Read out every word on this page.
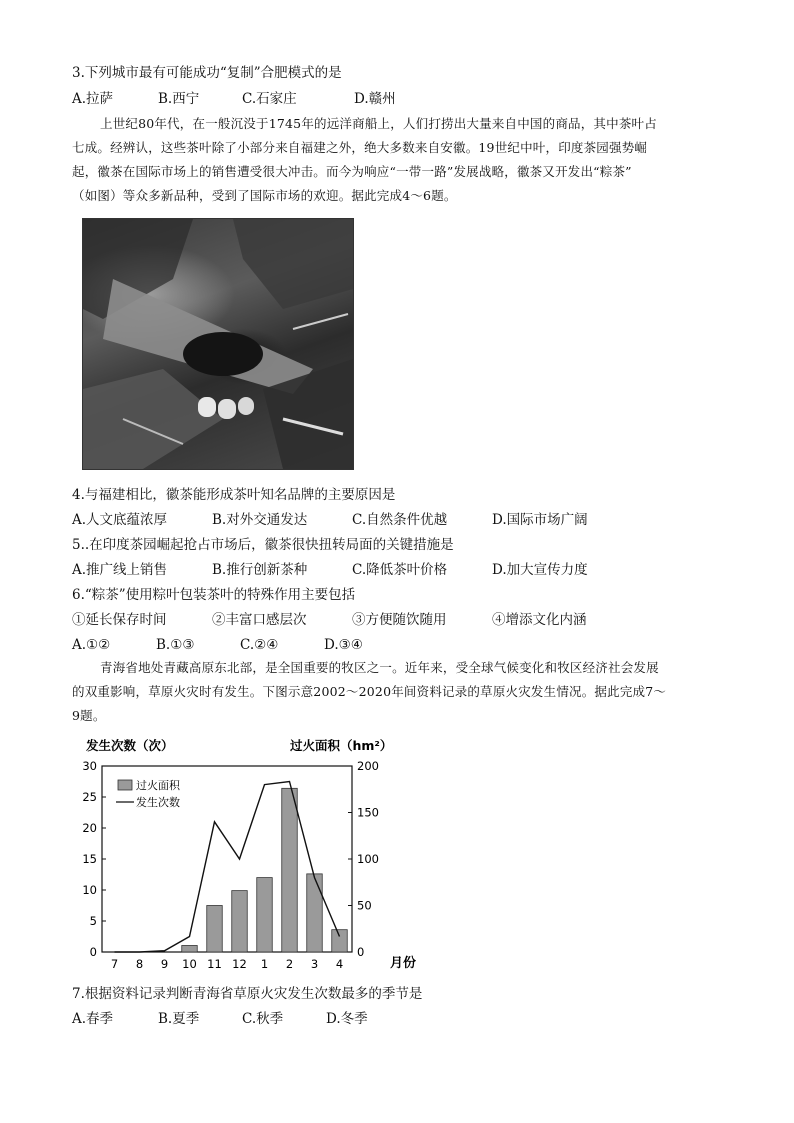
3.下列城市最有可能成功“复制”合肥模式的是
A.拉萨	B.西宁	C.石家庄	D.赣州
上世纪80年代，在一般沉没于1745年的远洋商船上，人们打捞出大量来自中国的商品，其中茶叶占
七成。经辨认，这些茶叶除了小部分来自福建之外，绝大多数来自安徽。19世纪中叶，印度茶园强势崛
起，徽茶在国际市场上的销售遭受很大冲击。而今为响应“一带一路”发展战略，徽茶又开发出“粽茶”
（如图）等众多新品种，受到了国际市场的欢迎。据此完成4～6题。
4.与福建相比，徽茶能形成茶叶知名品牌的主要原因是
A.人文底蕴浓厚	B.对外交通发达	C.自然条件优越	D.国际市场广阔
5..在印度茶园崛起抢占市场后，徽茶很快扭转局面的关键措施是
A.推广线上销售	B.推行创新茶种	C.降低茶叶价格	D.加大宣传力度
6.“粽茶”使用粽叶包装茶叶的特殊作用主要包括
①延长保存时间	②丰富口感层次	③方便随饮随用	④增添文化内涵
A.①②	B.①③	C.②④	D.③④
青海省地处青藏高原东北部，是全国重要的牧区之一。近年来，受全球气候变化和牧区经济社会发展
的双重影响，草原火灾时有发生。下图示意2002～2020年间资料记录的草原火灾发生情况。据此完成7～
9题。
发生次数（次）	过火面积（hm²）
月份
0
5
10
15
20
25
30
0
50
100
150
200
7 8 9 10 11 12 1 2 3 4
过火面积
发生次数
7.根据资料记录判断青海省草原火灾发生次数最多的季节是
A.春季	B.夏季	C.秋季	D.冬季
